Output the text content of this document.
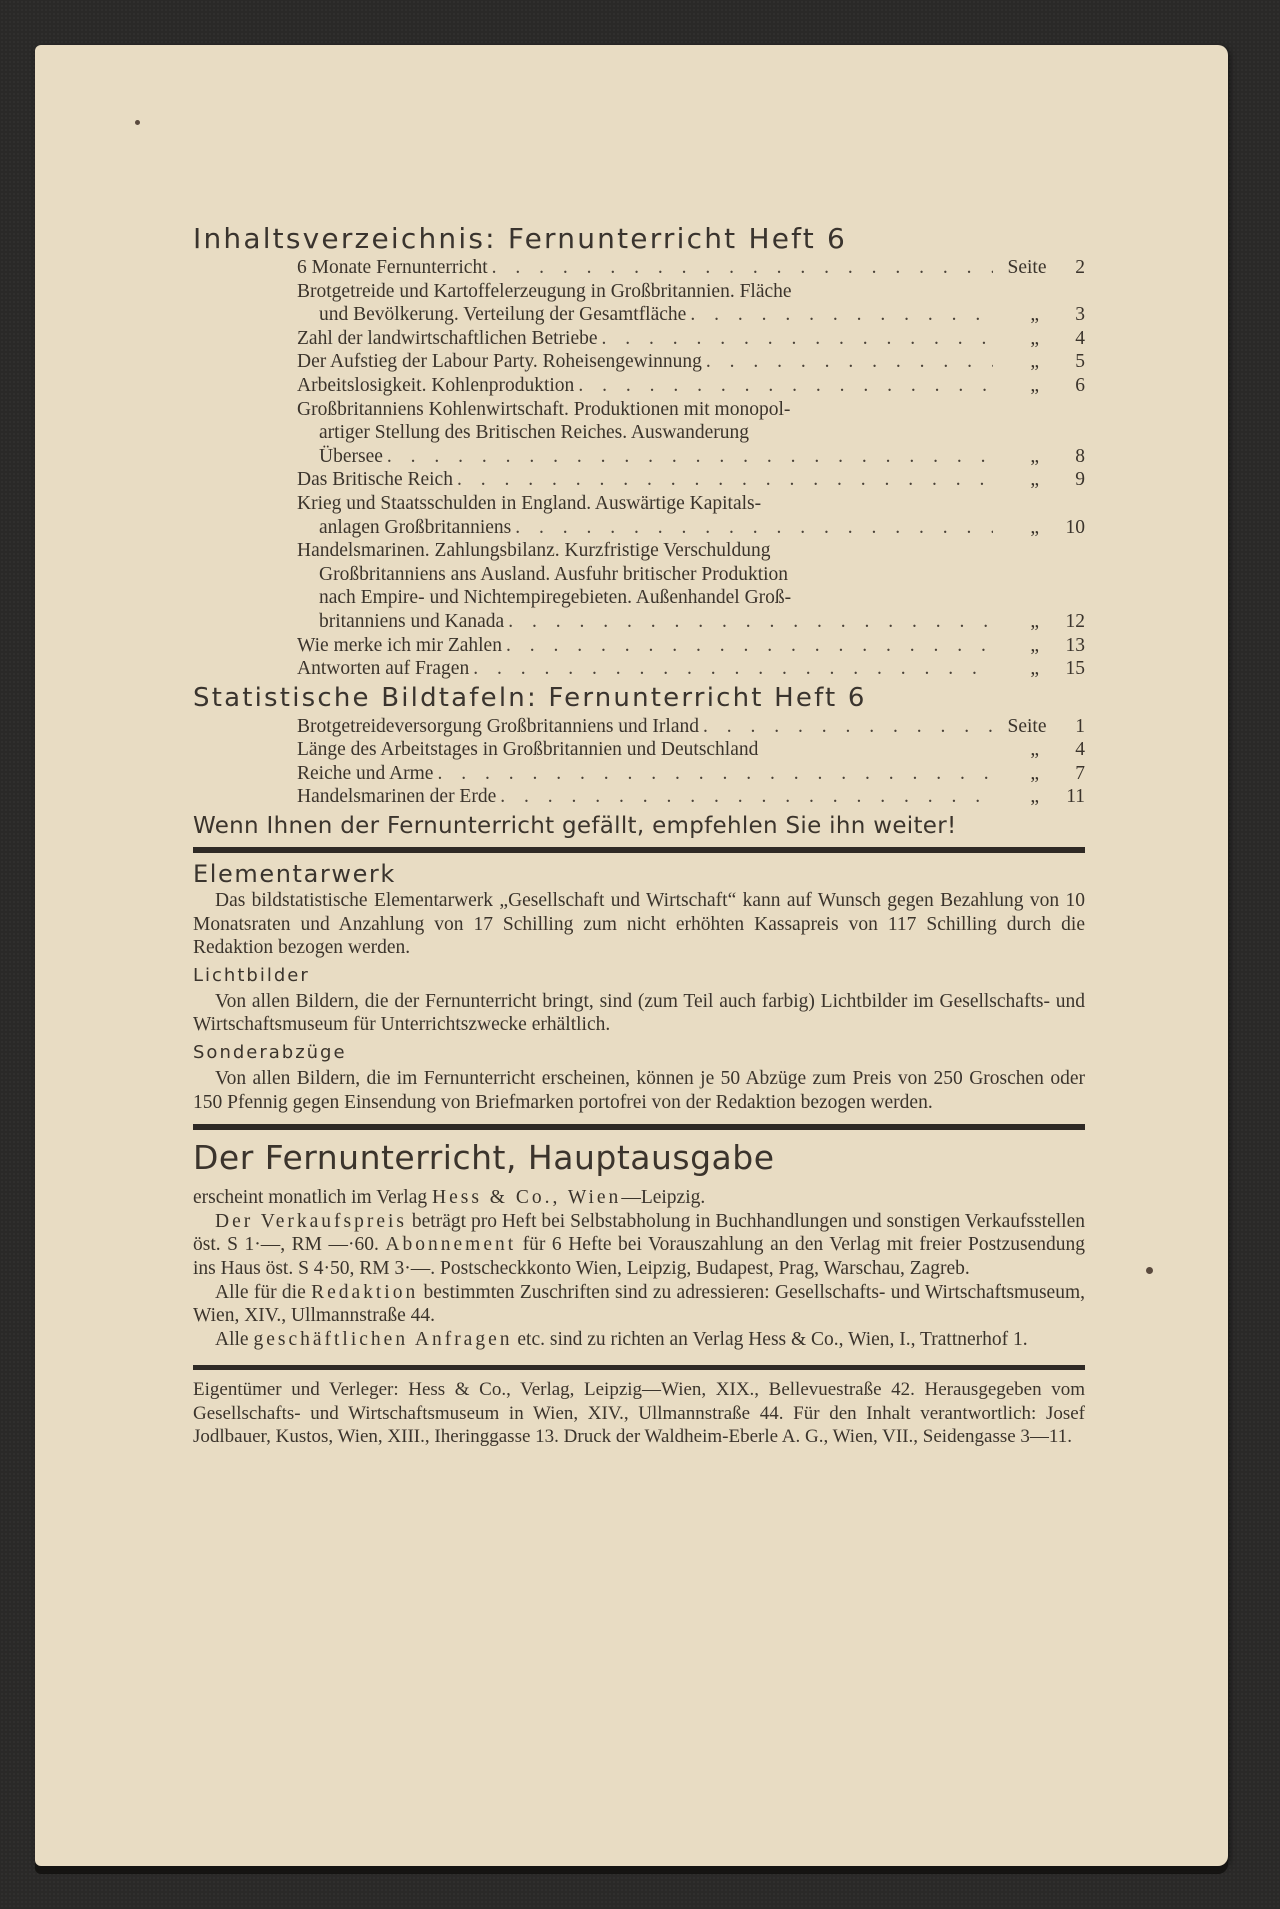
Inhaltsverzeichnis: Fernunterricht Heft 6
6 Monate Fernunterricht . . .	Seite	2
Brotgetreide und Kartoffelerzeugung in Großbritannien. Fläche
und Bevölkerung. Verteilung der Gesamtfläche . . .	„	3
Zahl der landwirtschaftlichen Betriebe . . .	„	4
Der Aufstieg der Labour Party. Roheisengewinnung . . .	„	5
Arbeitslosigkeit. Kohlenproduktion . . .	„	6
Großbritanniens Kohlenwirtschaft. Produktionen mit monopol-
artiger Stellung des Britischen Reiches. Auswanderung
Übersee . . .	„	8
Das Britische Reich . . .	„	9
Krieg und Staatsschulden in England. Auswärtige Kapitals-
anlagen Großbritanniens . . .	„	10
Handelsmarinen. Zahlungsbilanz. Kurzfristige Verschuldung
Großbritanniens ans Ausland. Ausfuhr britischer Produktion
nach Empire- und Nichtempiregebieten. Außenhandel Groß-
britanniens und Kanada . . .	„	12
Wie merke ich mir Zahlen . . .	„	13
Antworten auf Fragen . . .	„	15
Statistische Bildtafeln: Fernunterricht Heft 6
Brotgetreideversorgung Großbritanniens und Irland . . .	Seite	1
Länge des Arbeitstages in Großbritannien und Deutschland	„	4
Reiche und Arme . . .	„	7
Handelsmarinen der Erde . . .	„	11
Wenn Ihnen der Fernunterricht gefällt, empfehlen Sie ihn weiter!
Elementarwerk

Das bildstatistische Elementarwerk „Gesellschaft und Wirtschaft“ kann auf Wunsch gegen Bezahlung von 10 Monatsraten und Anzahlung von 17 Schilling zum nicht erhöhten Kassapreis von 117 Schilling durch die Redaktion bezogen werden.

Lichtbilder

Von allen Bildern, die der Fernunterricht bringt, sind (zum Teil auch farbig) Lichtbilder im Gesellschafts- und Wirtschaftsmuseum für Unterrichtszwecke erhältlich.

Sonderabzüge

Von allen Bildern, die im Fernunterricht erscheinen, können je 50 Abzüge zum Preis von 250 Groschen oder 150 Pfennig gegen Einsendung von Briefmarken portofrei von der Redaktion bezogen werden.

Der Fernunterricht, Hauptausgabe

erscheint monatlich im Verlag Hess & Co., Wien—Leipzig.

Der Verkaufspreis beträgt pro Heft bei Selbstabholung in Buchhandlungen und sonstigen Verkaufsstellen öst. S 1·—, RM —·60. Abonnement für 6 Hefte bei Vorauszahlung an den Verlag mit freier Postzusendung ins Haus öst. S 4·50, RM 3·—. Postscheckkonto Wien, Leipzig, Budapest, Prag, Warschau, Zagreb.

Alle für die Redaktion bestimmten Zuschriften sind zu adressieren: Gesellschafts- und Wirtschaftsmuseum, Wien, XIV., Ullmannstraße 44.

Alle geschäftlichen Anfragen etc. sind zu richten an Verlag Hess & Co., Wien, I., Trattnerhof 1.

Eigentümer und Verleger: Hess & Co., Verlag, Leipzig—Wien, XIX., Bellevuestraße 42. Herausgegeben vom Gesellschafts- und Wirtschaftsmuseum in Wien, XIV., Ullmannstraße 44. Für den Inhalt verantwortlich: Josef Jodlbauer, Kustos, Wien, XIII., Iheringgasse 13. Druck der Waldheim-Eberle A. G., Wien, VII., Seidengasse 3—11.
